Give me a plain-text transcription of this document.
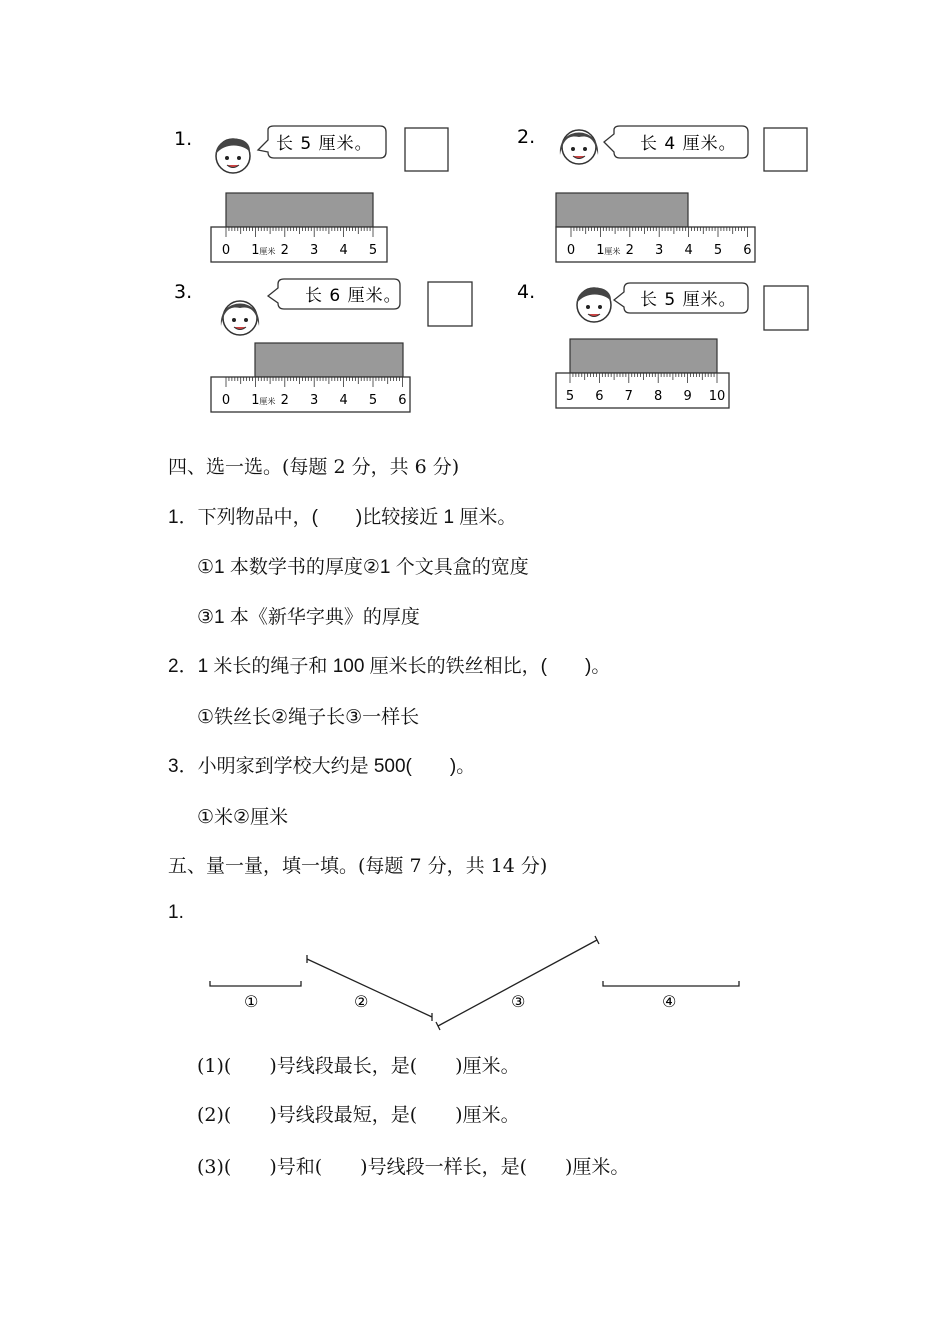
1.	长 5 厘米。
0 1 厘米 2 3 4 5
2.	长 4 厘米。
0 1 厘米 2 3 4 5 6
3.	长 6 厘米。
0 1 厘米 2 3 4 5 6
4.	长 5 厘米。
5 6 7 8 9 10
四、选一选。(每题 2 分，共 6 分)
1．下列物品中，(　　)比较接近 1 厘米。
①1 本数学书的厚度②1 个文具盒的宽度
③1 本《新华字典》的厚度
2．1 米长的绳子和 100 厘米长的铁丝相比，(　　)。
①铁丝长②绳子长③一样长
3．小明家到学校大约是 500(　　)。
①米②厘米
五、量一量，填一填。(每题 7 分，共 14 分)
1.
①	②	③	④
(1)(　　)号线段最长，是(　　)厘米。
(2)(　　)号线段最短，是(　　)厘米。
(3)(　　)号和(　　)号线段一样长，是(　　)厘米。
